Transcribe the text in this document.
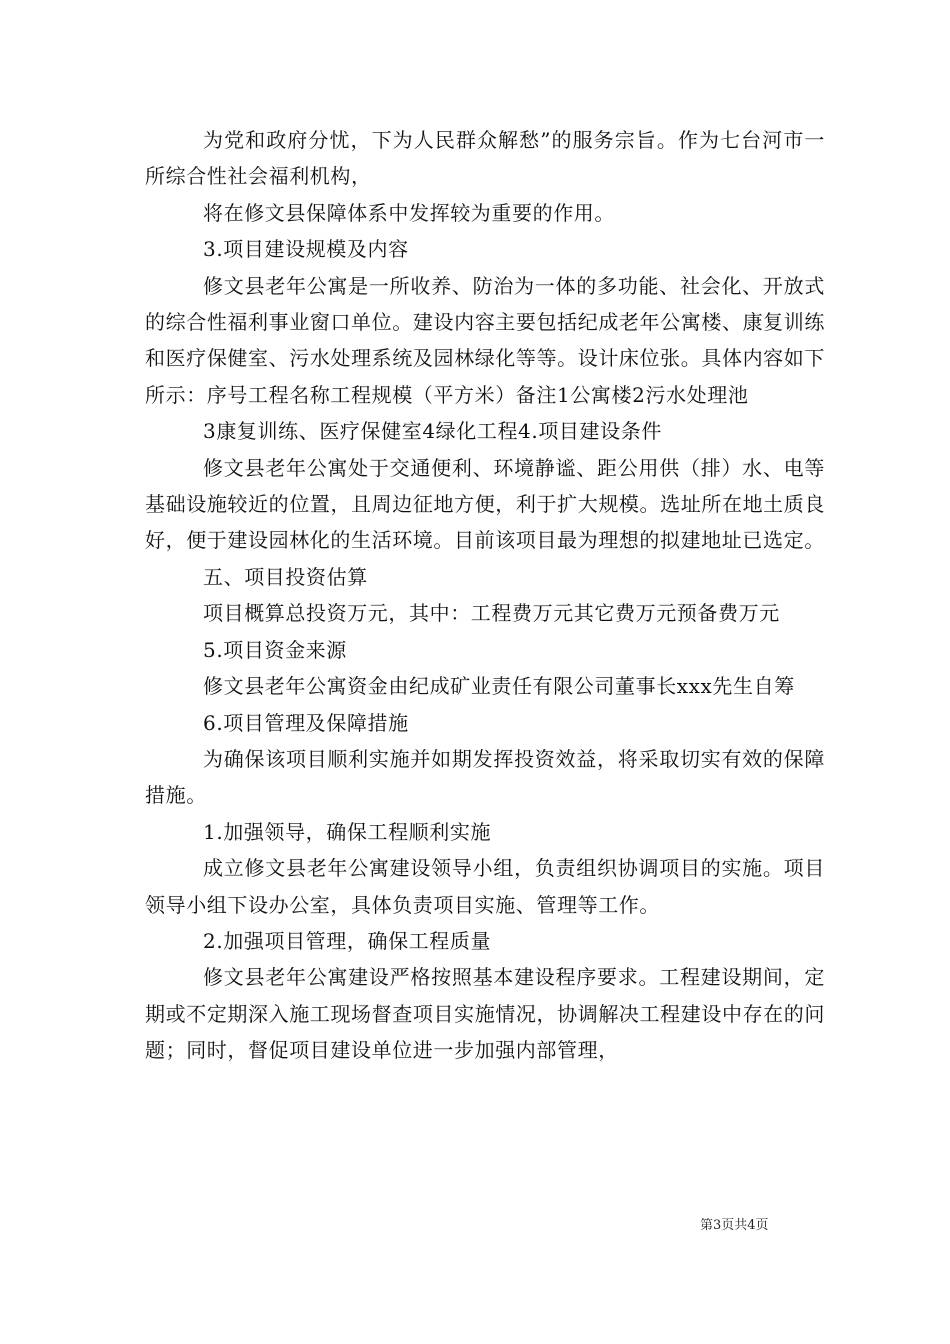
为党和政府分忧，下为人民群众解愁”的服务宗旨。作为七台河市一所综合性社会福利机构，

将在修文县保障体系中发挥较为重要的作用。

3.项目建设规模及内容

修文县老年公寓是一所收养、防治为一体的多功能、社会化、开放式的综合性福利事业窗口单位。建设内容主要包括纪成老年公寓楼、康复训练和医疗保健室、污水处理系统及园林绿化等等。设计床位张。具体内容如下所示：序号工程名称工程规模（平方米）备注1公寓楼2污水处理池

3康复训练、医疗保健室4绿化工程4.项目建设条件

修文县老年公寓处于交通便利、环境静谧、距公用供（排）水、电等基础设施较近的位置，且周边征地方便，利于扩大规模。选址所在地土质良好，便于建设园林化的生活环境。目前该项目最为理想的拟建地址已选定。

五、项目投资估算

项目概算总投资万元，其中：工程费万元其它费万元预备费万元

5.项目资金来源

修文县老年公寓资金由纪成矿业责任有限公司董事长xxx先生自筹

6.项目管理及保障措施

为确保该项目顺利实施并如期发挥投资效益，将采取切实有效的保障措施。

1.加强领导，确保工程顺利实施

成立修文县老年公寓建设领导小组，负责组织协调项目的实施。项目领导小组下设办公室，具体负责项目实施、管理等工作。

2.加强项目管理，确保工程质量

修文县老年公寓建设严格按照基本建设程序要求。工程建设期间，定期或不定期深入施工现场督查项目实施情况，协调解决工程建设中存在的问题；同时，督促项目建设单位进一步加强内部管理，

第3页共4页
